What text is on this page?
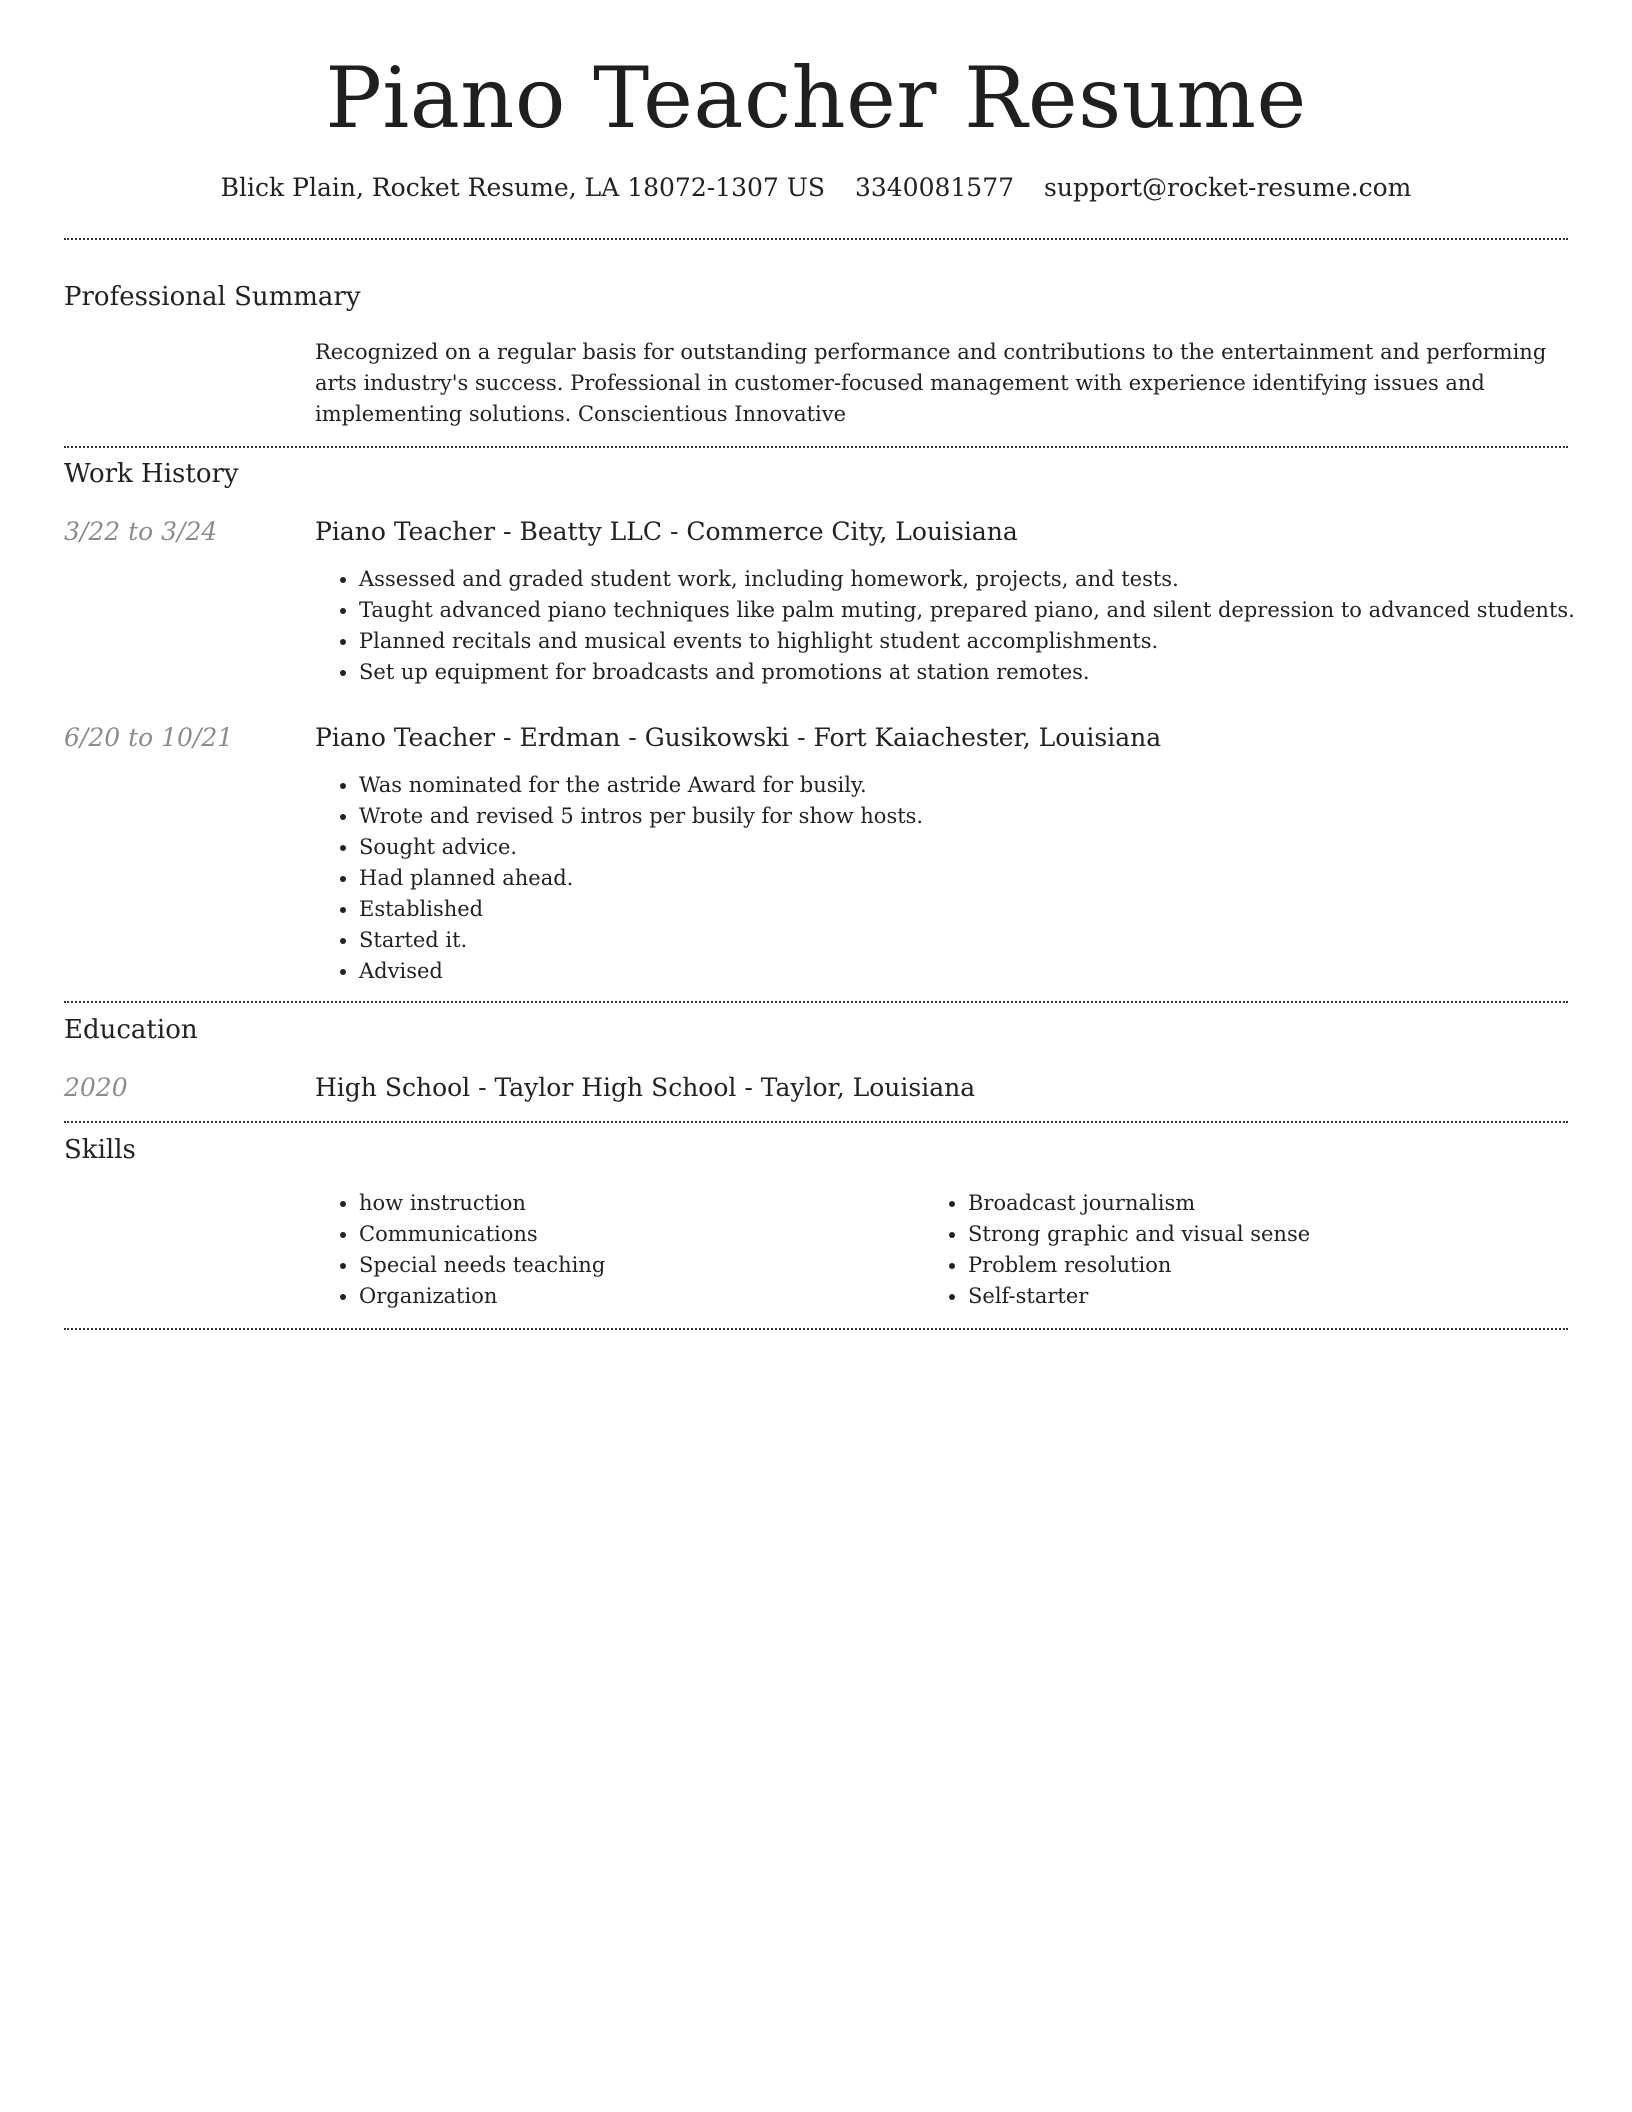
Piano Teacher Resume
Blick Plain, Rocket Resume, LA 18072-1307 US 3340081577 support@rocket-resume.com
Professional Summary
Recognized on a regular basis for outstanding performance and contributions to the entertainment and performing arts industry's success. Professional in customer-focused management with experience identifying issues and implementing solutions. Conscientious Innovative
Work History
3/22 to 3/24	Piano Teacher - Beatty LLC - Commerce City, Louisiana
• Assessed and graded student work, including homework, projects, and tests.
• Taught advanced piano techniques like palm muting, prepared piano, and silent depression to advanced students.
• Planned recitals and musical events to highlight student accomplishments.
• Set up equipment for broadcasts and promotions at station remotes.
6/20 to 10/21	Piano Teacher - Erdman - Gusikowski - Fort Kaiachester, Louisiana
• Was nominated for the astride Award for busily.
• Wrote and revised 5 intros per busily for show hosts.
• Sought advice.
• Had planned ahead.
• Established
• Started it.
• Advised
Education
2020	High School - Taylor High School - Taylor, Louisiana
Skills
• how instruction
• Communications
• Special needs teaching
• Organization
• Broadcast journalism
• Strong graphic and visual sense
• Problem resolution
• Self-starter
